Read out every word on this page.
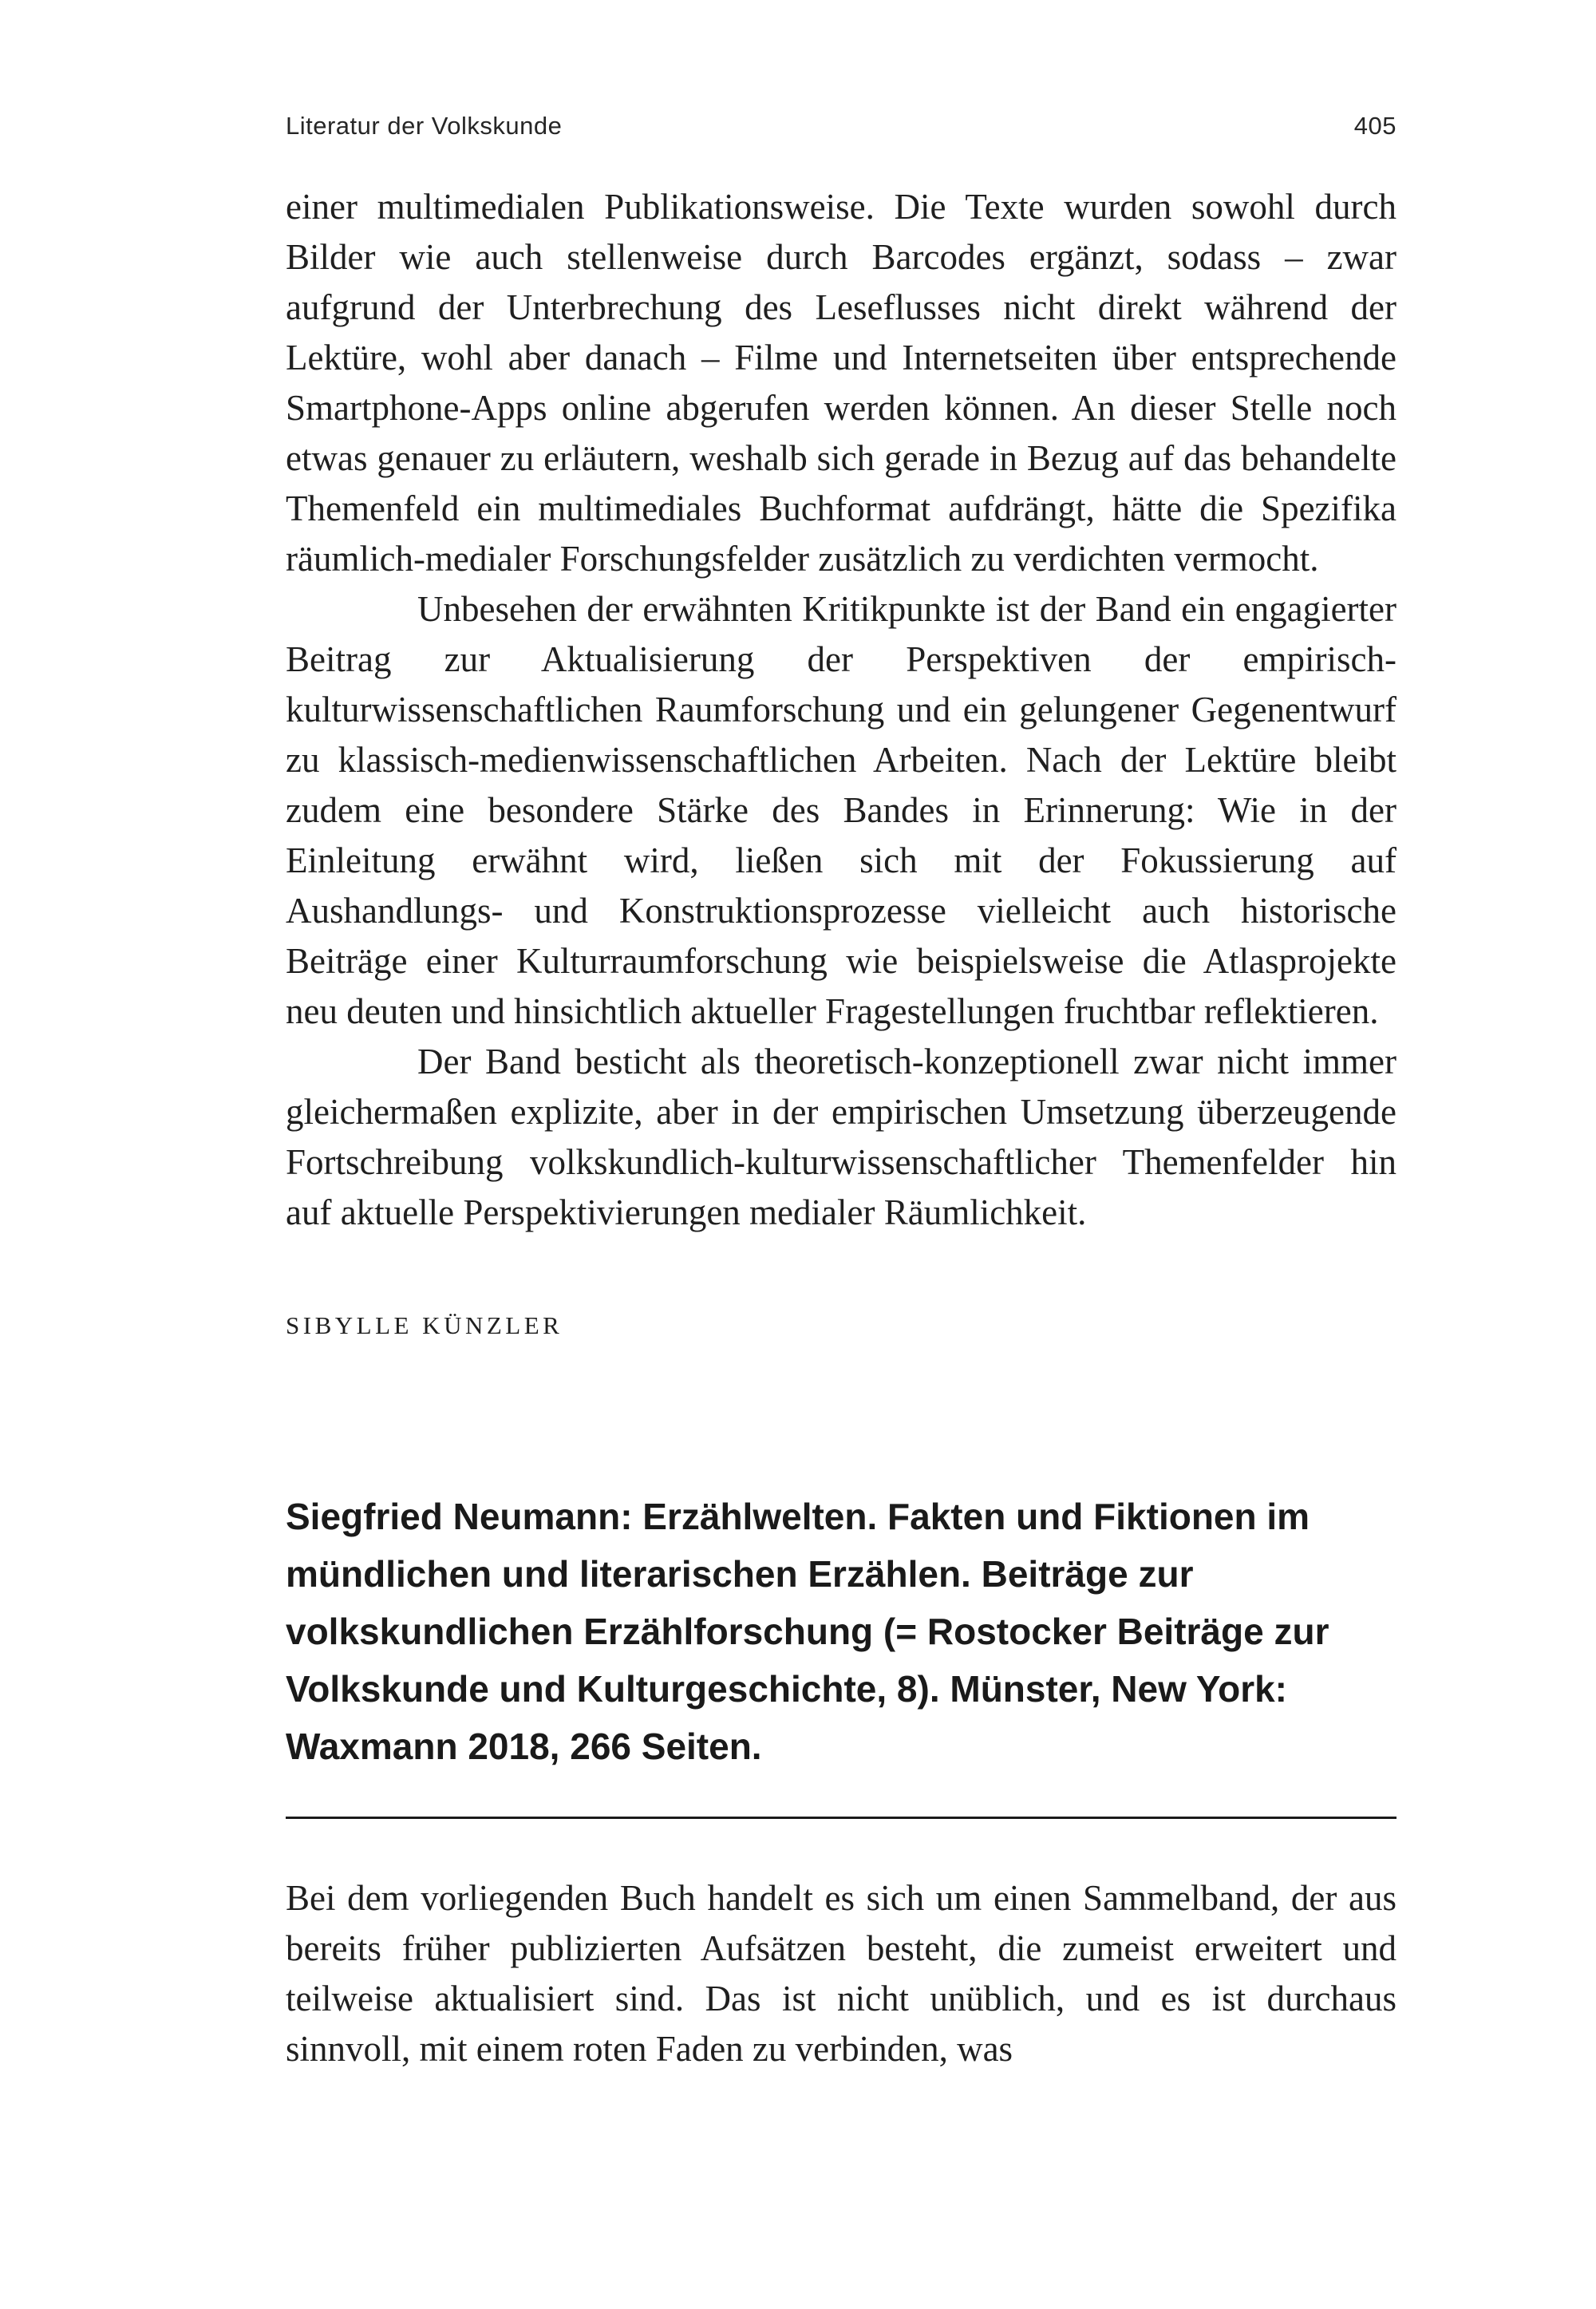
Literatur der Volkskunde	405

einer multimedialen Publikationsweise. Die Texte wurden sowohl durch Bilder wie auch stellenweise durch Barcodes ergänzt, sodass – zwar aufgrund der Unterbrechung des Leseflusses nicht direkt während der Lektüre, wohl aber danach – Filme und Internetseiten über entsprechende Smartphone-Apps online abgerufen werden können. An dieser Stelle noch etwas genauer zu erläutern, weshalb sich gerade in Bezug auf das behandelte Themenfeld ein multimediales Buchformat aufdrängt, hätte die Spezifika räumlich-medialer Forschungsfelder zusätzlich zu verdichten vermocht.

Unbesehen der erwähnten Kritikpunkte ist der Band ein engagierter Beitrag zur Aktualisierung der Perspektiven der empirisch-kulturwissenschaftlichen Raumforschung und ein gelungener Gegenentwurf zu klassisch-medienwissenschaftlichen Arbeiten. Nach der Lektüre bleibt zudem eine besondere Stärke des Bandes in Erinnerung: Wie in der Einleitung erwähnt wird, ließen sich mit der Fokussierung auf Aushandlungs- und Konstruktionsprozesse vielleicht auch historische Beiträge einer Kulturraumforschung wie beispielsweise die Atlasprojekte neu deuten und hinsichtlich aktueller Fragestellungen fruchtbar reflektieren.

Der Band besticht als theoretisch-konzeptionell zwar nicht immer gleichermaßen explizite, aber in der empirischen Umsetzung überzeugende Fortschreibung volkskundlich-kulturwissenschaftlicher Themenfelder hin auf aktuelle Perspektivierungen medialer Räumlichkeit.

SIBYLLE KÜNZLER

Siegfried Neumann: Erzählwelten. Fakten und Fiktionen im mündlichen und literarischen Erzählen. Beiträge zur volkskundlichen Erzählforschung (= Rostocker Beiträge zur Volkskunde und Kulturgeschichte, 8). Münster, New York: Waxmann 2018, 266 Seiten.

Bei dem vorliegenden Buch handelt es sich um einen Sammelband, der aus bereits früher publizierten Aufsätzen besteht, die zumeist erweitert und teilweise aktualisiert sind. Das ist nicht unüblich, und es ist durchaus sinnvoll, mit einem roten Faden zu verbinden, was
